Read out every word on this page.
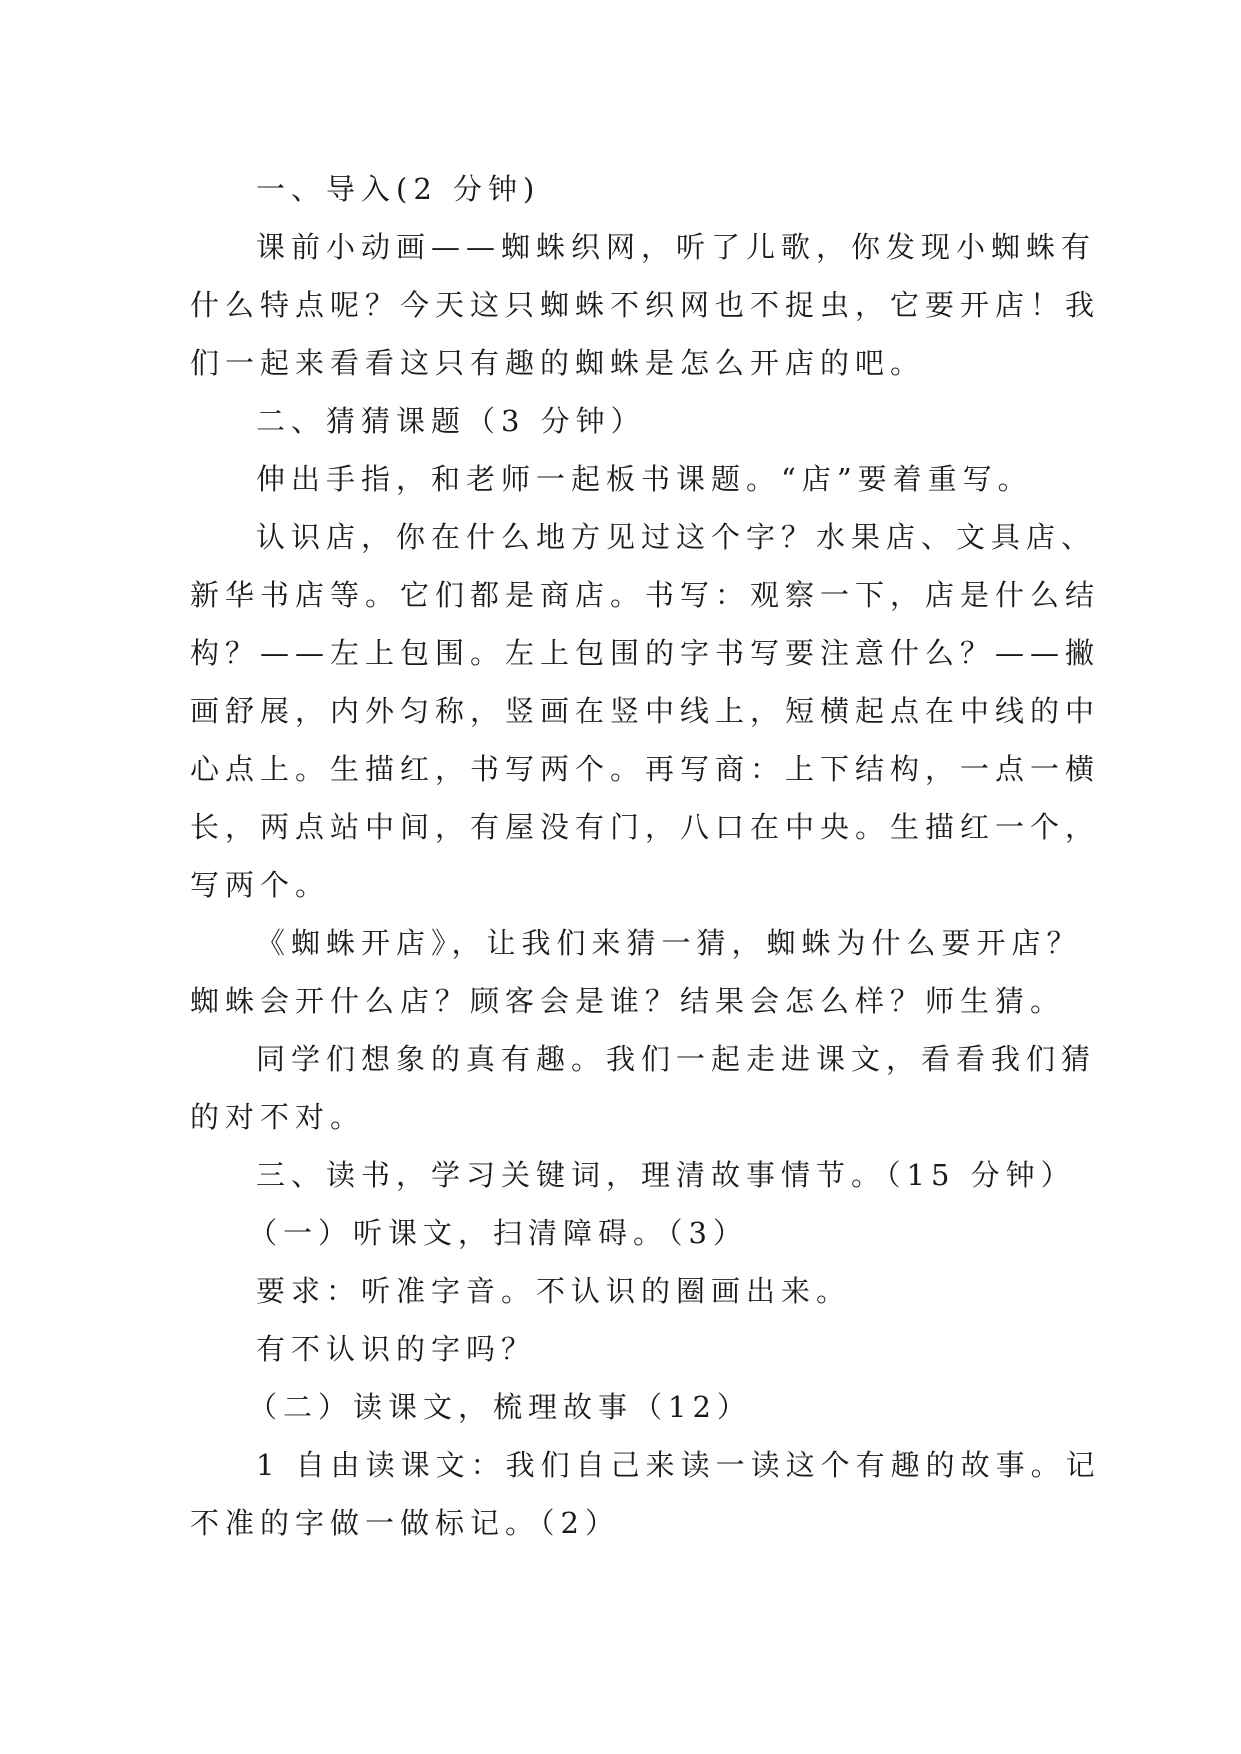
一、导入(2 分钟)
课前小动画——蜘蛛织网，听了儿歌，你发现小蜘蛛有
什么特点呢？今天这只蜘蛛不织网也不捉虫，它要开店！我
们一起来看看这只有趣的蜘蛛是怎么开店的吧。
二、猜猜课题（3 分钟）
伸出手指，和老师一起板书课题。“店”要着重写。
认识店，你在什么地方见过这个字？水果店、文具店、
新华书店等。它们都是商店。书写：观察一下，店是什么结
构？——左上包围。左上包围的字书写要注意什么？——撇
画舒展，内外匀称，竖画在竖中线上，短横起点在中线的中
心点上。生描红，书写两个。再写商：上下结构，一点一横
长，两点站中间，有屋没有门，八口在中央。生描红一个，
写两个。
《蜘蛛开店》，让我们来猜一猜，蜘蛛为什么要开店？
蜘蛛会开什么店？顾客会是谁？结果会怎么样？师生猜。
同学们想象的真有趣。我们一起走进课文，看看我们猜
的对不对。
三、读书，学习关键词，理清故事情节。（15 分钟）
（一）听课文，扫清障碍。（3）
要求：听准字音。不认识的圈画出来。
有不认识的字吗？
（二）读课文，梳理故事（12）
1 自由读课文：我们自己来读一读这个有趣的故事。记
不准的字做一做标记。（2）
